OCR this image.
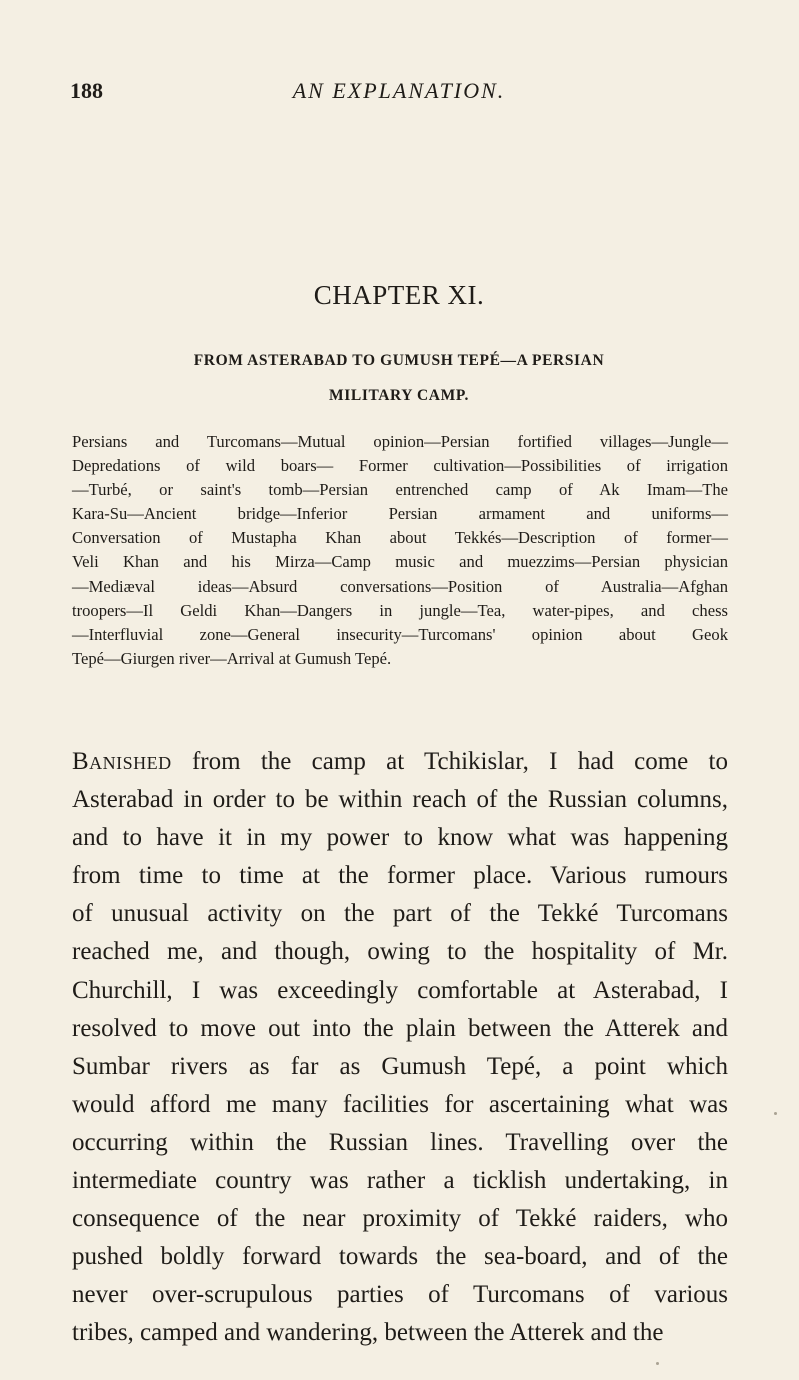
188	AN EXPLANATION.
CHAPTER XI.
FROM ASTERABAD TO GUMUSH TEPÉ—A PERSIAN
MILITARY CAMP.
Persians and Turcomans—Mutual opinion—Persian fortified villages—Jungle—
Depredations of wild boars— Former cultivation—Possibilities of irrigation
—Turbé, or saint's tomb—Persian entrenched camp of Ak Imam—The
Kara-Su—Ancient bridge—Inferior Persian armament and uniforms—
Conversation of Mustapha Khan about Tekkés—Description of former—
Veli Khan and his Mirza—Camp music and muezzims—Persian physician
—Mediæval ideas—Absurd conversations—Position of Australia—Afghan
troopers—Il Geldi Khan—Dangers in jungle—Tea, water-pipes, and chess
—Interfluvial zone—General insecurity—Turcomans' opinion about Geok
Tepé—Giurgen river—Arrival at Gumush Tepé.
Banished from the camp at Tchikislar, I had come to
Asterabad in order to be within reach of the Russian columns,
and to have it in my power to know what was happening
from time to time at the former place. Various rumours
of unusual activity on the part of the Tekké Turcomans
reached me, and though, owing to the hospitality of Mr.
Churchill, I was exceedingly comfortable at Asterabad, I
resolved to move out into the plain between the Atterek and
Sumbar rivers as far as Gumush Tepé, a point which
would afford me many facilities for ascertaining what was
occurring within the Russian lines. Travelling over the
intermediate country was rather a ticklish undertaking, in
consequence of the near proximity of Tekké raiders, who
pushed boldly forward towards the sea-board, and of the
never over-scrupulous parties of Turcomans of various
tribes, camped and wandering, between the Atterek and the
